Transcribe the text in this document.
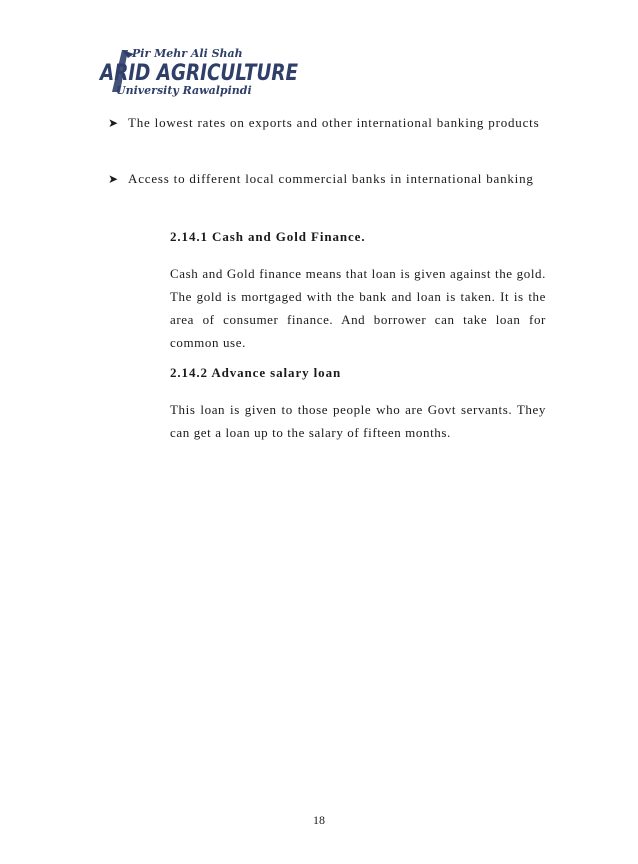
Pir Mehr Ali Shah
ARID AGRICULTURE
University Rawalpindi
➤ The lowest rates on exports and other international banking products
➤ Access to different local commercial banks in international banking
2.14.1 Cash and Gold Finance.
Cash and Gold finance means that loan is given against the gold. The gold is mortgaged with the bank and loan is taken. It is the area of consumer finance. And borrower can take loan for common use.
2.14.2 Advance salary loan
This loan is given to those people who are Govt servants. They can get a loan up to the salary of fifteen months.
18
